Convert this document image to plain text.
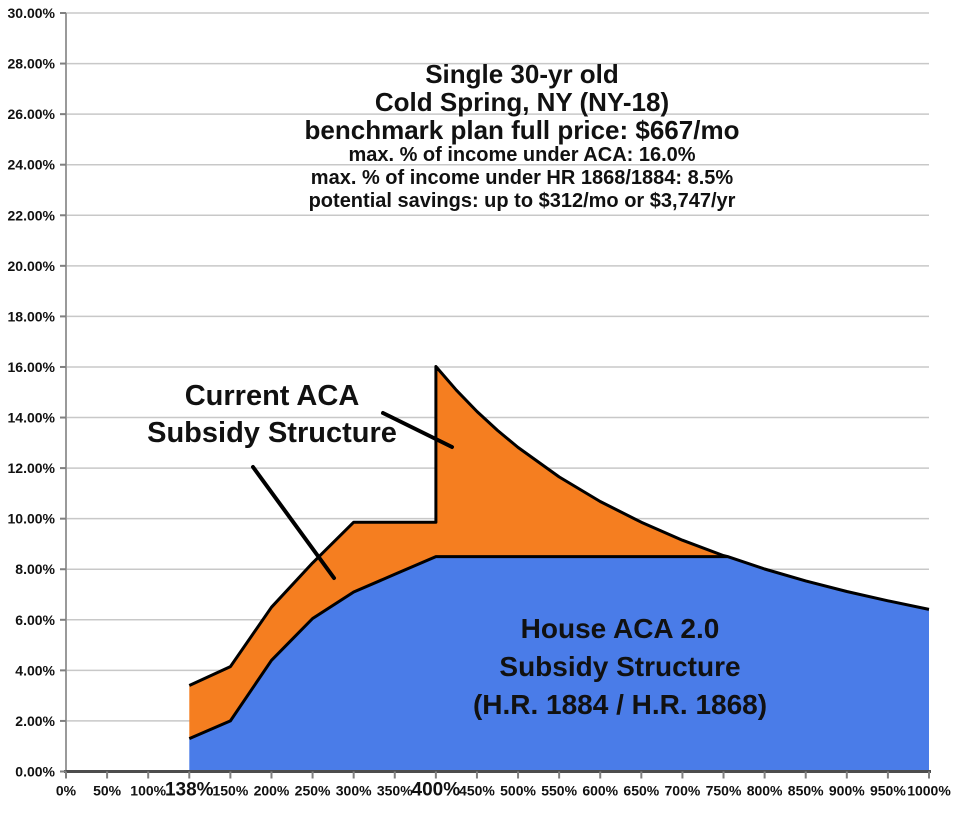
0% 50% 100%
138%
150% 200% 250% 300% 350%
400%
450% 500% 550% 600% 650% 700% 750% 800% 850% 900% 950% 1000%
0.00%
2.00%
4.00%
6.00%
8.00%
10.00%
12.00%
14.00%
16.00%
18.00%
20.00%
22.00%
24.00%
26.00%
28.00%
30.00%
Single 30-yr old
Cold Spring, NY (NY-18)
benchmark plan full price: $667/mo
max. % of income under ACA: 16.0%
max. % of income under HR 1868/1884: 8.5%
potential savings: up to $312/mo or $3,747/yr
Current ACA
Subsidy Structure
House ACA 2.0
Subsidy Structure
(H.R. 1884 / H.R. 1868)
